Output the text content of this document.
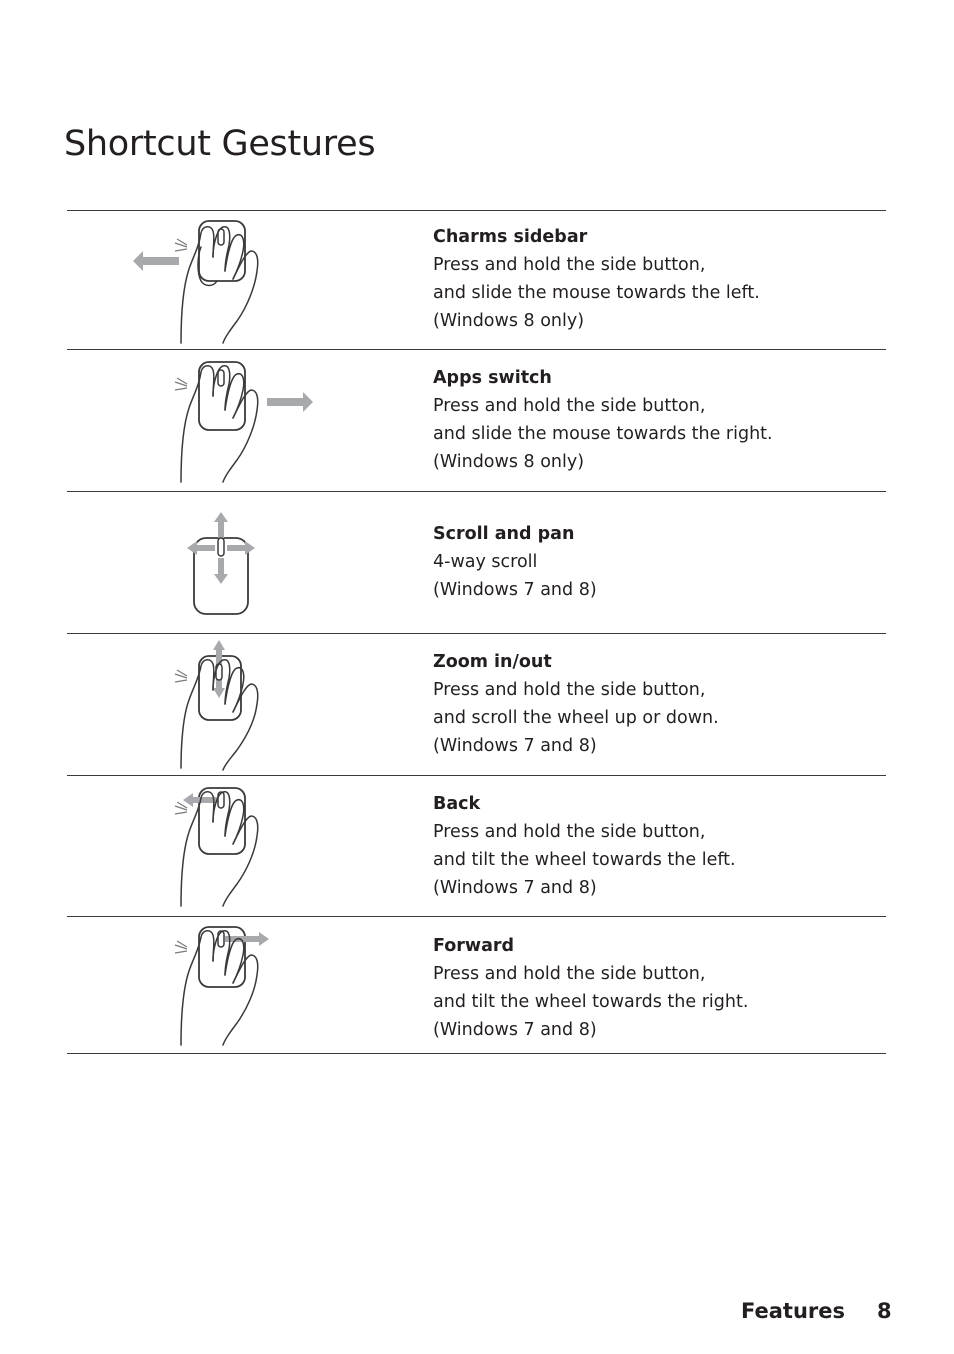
Shortcut Gestures
Charms sidebar
Press and hold the side button,
and slide the mouse towards the left.
(Windows 8 only)
Apps switch
Press and hold the side button,
and slide the mouse towards the right.
(Windows 8 only)
Scroll and pan
4-way scroll
(Windows 7 and 8)
Zoom in/out
Press and hold the side button,
and scroll the wheel up or down.
(Windows 7 and 8)
Back
Press and hold the side button,
and tilt the wheel towards the left.
(Windows 7 and 8)
Forward
Press and hold the side button,
and tilt the wheel towards the right.
(Windows 7 and 8)
Features 8
